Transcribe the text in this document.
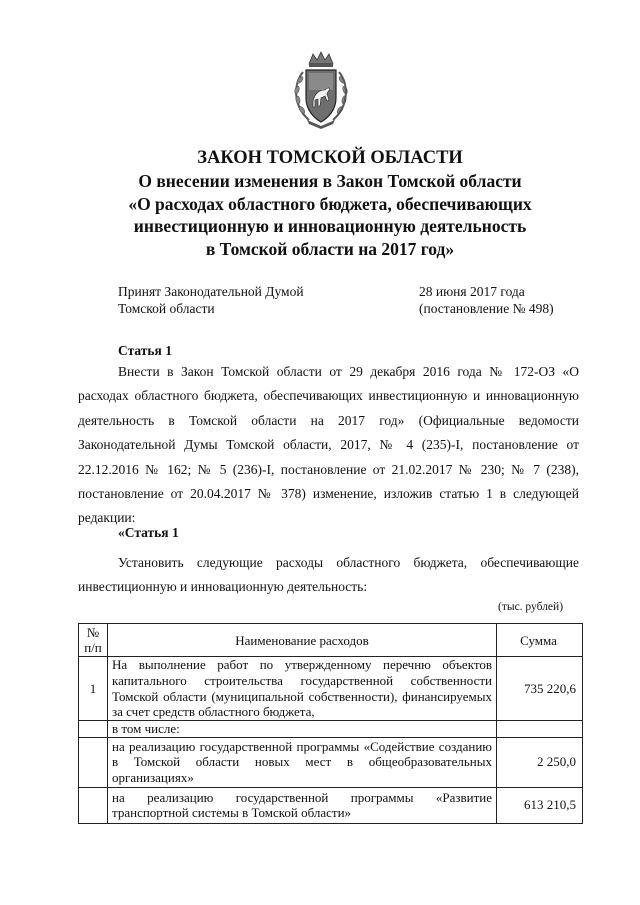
ЗАКОН ТОМСКОЙ ОБЛАСТИ
О внесении изменения в Закон Томской области
«О расходах областного бюджета, обеспечивающих
инвестиционную и инновационную деятельность
в Томской области на 2017 год»
Принят Законодательной Думой
Томской области
28 июня 2017 года
(постановление № 498)
Статья 1
Внести в Закон Томской области от 29 декабря 2016 года № 172-ОЗ «О расходах областного бюджета, обеспечивающих инвестиционную и инновационную деятельность в Томской области на 2017 год» (Официальные ведомости Законодательной Думы Томской области, 2017, № 4 (235)-I, постановление от 22.12.2016 № 162; № 5 (236)-I, постановление от 21.02.2017 № 230; № 7 (238), постановление от 20.04.2017 № 378) изменение, изложив статью 1 в следующей редакции:
«Статья 1
Установить следующие расходы областного бюджета, обеспечивающие инвестиционную и инновационную деятельность:
(тыс. рублей)
№ п/п	Наименование расходов	Сумма
1	На выполнение работ по утвержденному перечню объектов капитального строительства государственной собственности Томской области (муниципальной собственности), финансируемых за счет средств областного бюджета,	735 220,6

	в том числе:	

	на реализацию государственной программы «Содействие созданию в Томской области новых мест в общеобразовательных организациях»	2 250,0

	на реализацию государственной программы «Развитие транспортной системы в Томской области»	613 210,5
